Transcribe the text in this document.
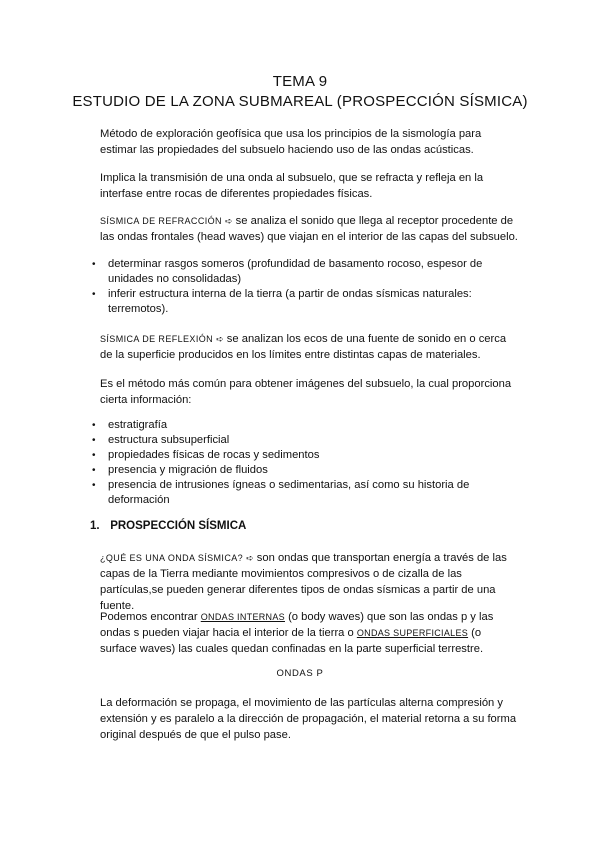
TEMA 9
ESTUDIO DE LA ZONA SUBMAREAL (PROSPECCIÓN SÍSMICA)

Método de exploración geofísica que usa los principios de la sismología para estimar las propiedades del subsuelo haciendo uso de las ondas acústicas.

Implica la transmisión de una onda al subsuelo, que se refracta y refleja en la interfase entre rocas de diferentes propiedades físicas.

SÍSMICA DE REFRACCIÓN ➪ se analiza el sonido que llega al receptor procedente de las ondas frontales (head waves) que viajan en el interior de las capas del subsuelo.

• determinar rasgos someros (profundidad de basamento rocoso, espesor de unidades no consolidadas)
• inferir estructura interna de la tierra (a partir de ondas sísmicas naturales: terremotos).

SÍSMICA DE REFLEXIÓN ➪ se analizan los ecos de una fuente de sonido en o cerca de la superficie producidos en los límites entre distintas capas de materiales.

Es el método más común para obtener imágenes del subsuelo, la cual proporciona cierta información:

• estratigrafía
• estructura subsuperficial
• propiedades físicas de rocas y sedimentos
• presencia y migración de fluidos
• presencia de intrusiones ígneas o sedimentarias, así como su historia de deformación
1. PROSPECCIÓN SÍSMICA

¿QUÉ ES UNA ONDA SÍSMICA? ➪ son ondas que transportan energía a través de las capas de la Tierra mediante movimientos compresivos o de cizalla de las partículas,se pueden generar diferentes tipos de ondas sísmicas a partir de una fuente.

Podemos encontrar ONDAS INTERNAS (o body waves) que son las ondas p y las ondas s pueden viajar hacia el interior de la tierra o ONDAS SUPERFICIALES (o surface waves) las cuales quedan confinadas en la parte superficial terrestre.

ONDAS P

La deformación se propaga, el movimiento de las partículas alterna compresión y extensión y es paralelo a la dirección de propagación, el material retorna a su forma original después de que el pulso pase.
